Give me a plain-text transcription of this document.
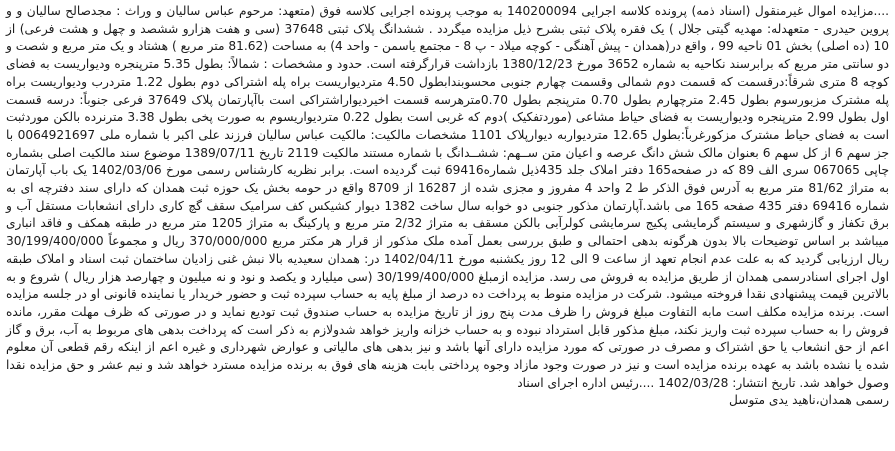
....مزایده اموال غیرمنقول (اسناد ذمه) پرونده کلاسه اجرایی 140200094 به موجب پرونده اجرایی کلاسه فوق (متعهد: مرحوم عباس سالیان و وراث : مجدصالح سالیان و و پروین حیدری - متعهدله: مهدیه گیتی جلال ) یک فقره پلاک ثبتی بشرح ذیل مزایده میگردد . ششدانگ پلاک ثبتی 37648 (سی و هفت هزارو ششصد و چهل و هشت فرعی) از 10 (ده اصلی) بخش 01 ناحیه 99 ، واقع در(همدان - پیش آهنگی - کوچه میلاد - پ 8 - مجتمع یاسمن - واحد 4) به مساحت (81.62 متر مربع ) هشتاد و یک متر مربع و شصت و دو سانتی متر مربع که برابرسند نکاحیه به شماره 3652 مورخ 1380/12/23 بازداشت قرارگرفته است. حدود و مشخصات : شمالاً: بطول 5.35 مترپنجره ودیواریست به فضای کوچه 8 متری شرقاً:درقسمت که قسمت دوم شمالی وقسمت چهارم جنوبی محسوبندابطول 4.50 متردیواریست براه پله اشتراکی دوم بطول 1.22 متردرب ودیواریست براه پله مشترک مزبورسوم بطول 2.45 مترچهارم بطول 0.70 مترپنجم بطول 0.70مترهرسه قسمت اخیردیواراشتراکی است باآپارتمان پلاک 37649 فرعی جنوباً: درسه قسمت اول بطول 2.99 مترپنجره ودیواریست به فضای حیاط مشاعی (موردتفکیک )دوم که غربی است بطول 0.22 متردیواریسوم به صورت پخی بطول 3.38 مترنرده بالکن موردثبت است به فضای حیاط مشترک مزکورغرباً:بطول 12.65 متردیواربه دیوارپلاک 1101 مشخصات مالکیت: مالکیت عباس سالیان فرزند علی اکبر با شماره ملی 0064921697 با جز سهم 6 از کل سهم 6 بعنوان مالک شش دانگ عرصه و اعیان متن ســهم: ششــدانگ با شماره مستند مالکیت 2119 تاریخ 1389/07/11 موضوع سند مالکیت اصلی بشماره چاپی 067065 سری الف 89 که در صفحه165 دفتر املاک جلد 435ذیل شماره69416 ثبت گردیده است. برابر نظریه کارشناس رسمی مورخ 1402/03/06 یک باب آپارتمان به متراژ 81/62 متر مربع به آدرس فوق الذکر ط 2 واحد 4 مفروز و مجزی شده از 16287 از 8709 واقع در حومه بخش یک حوزه ثبت همدان که دارای سند دفترچه ای به شماره 69416 دفتر 435 صفحه 165 می باشد.آپارتمان مذکور جنوبی دو خوابه سال ساخت 1382 دیوار کشیکس کف سرامیک سقف گچ کاری دارای انشعابات مستقل آب و برق تکفاز و گازشهری و سیستم گرمایشی پکیج سرمایشی کولرآبی بالکن مسقف به متراژ 2/32 متر مربع و پارکینگ به متراژ 1205 متر مربع در طبقه همکف و فاقد انباری میباشد بر اساس توضیحات بالا بدون هرگونه بدهی احتمالی و طبق بررسی بعمل آمده ملک مذکور از قرار هر مکتر مربع 370/000/000 ریال و مجموعاً 30/199/400/000 ریال ارزیابی گردید که به علت عدم انجام تعهد از ساعت 9 الی 12 روز یکشنبه مورخ 1402/04/11 در: همدان سعیدیه بالا نبش غنی زادیان ساختمان ثبت اسناد و املاک طبقه اول اجرای اسنادرسمی همدان از طریق مزایده به فروش می رسد. مزایده ازمبلغ 30/199/400/000 (سی میلیارد و یکصد و نود و نه میلیون و چهارصد هزار ریال ) شروع و به بالاترین قیمت پیشنهادی نقدا فروخته میشود. شرکت در مزایده منوط به پرداخت ده درصد از مبلغ پایه به حساب سپرده ثبت و حضور خریدار یا نماینده قانونی او در جلسه مزایده است. برنده مزایده مکلف است مابه التفاوت مبلغ فروش را ظرف مدت پنج روز از تاریخ مزایده به حساب صندوق ثبت تودیع نماید و در صورتی که ظرف مهلت مقرر، مانده فروش را به حساب سپرده ثبت واریز نکند، مبلغ مذکور قابل استرداد نبوده و به حساب خزانه واریز خواهد شدولازم به ذکر است که پرداخت بدهی های مربوط به آب، برق و گاز اعم از حق انشعاب یا حق اشتراک و مصرف در صورتی که مورد مزایده دارای آنها باشد و نیز بدهی های مالیاتی و عوارض شهرداری و غیره اعم از اینکه رقم قطعی آن معلوم شده یا نشده باشد به عهده برنده مزایده است و نیز در صورت وجود مازاد وجوه پرداختی بابت هزینه های فوق به برنده مزایده مسترد خواهد شد و نیم عشر و حق مزایده نقدا وصول خواهد شد. تاریخ انتشار: 1402/03/28 ....رئیس اداره اجرای اسناد

رسمی همدان،ناهید یدی متوسل
